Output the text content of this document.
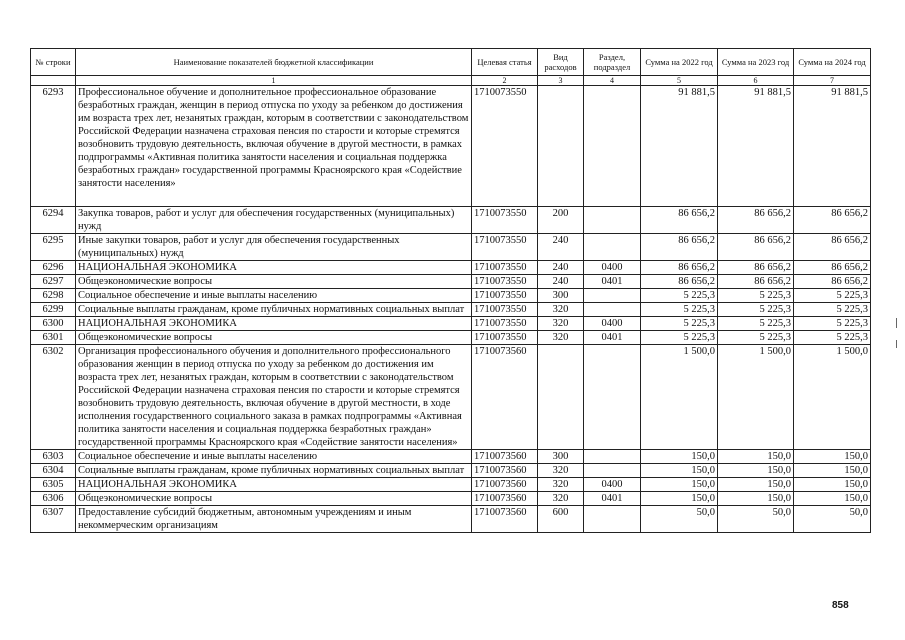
№ строки	Наименование показателей бюджетной классификации	Целевая статья	Вид расходов	Раздел, подраздел	Сумма на 2022 год	Сумма на 2023 год	Сумма на 2024 год
	1	2	3	4	5	6	7
6293	Профессиональное обучение и дополнительное профессиональное образование безработных граждан, женщин в период отпуска по уходу за ребенком до достижения им возраста трех лет, незанятых граждан, которым в соответствии с законодательством Российской Федерации назначена страховая пенсия по старости и которые стремятся возобновить трудовую деятельность, включая обучение в другой местности, в рамках подпрограммы «Активная политика занятости населения и социальная поддержка безработных граждан» государственной программы Красноярского края «Содействие занятости населения»	1710073550			91 881,5	91 881,5	91 881,5
6294	Закупка товаров, работ и услуг для обеспечения государственных (муниципальных) нужд	1710073550	200		86 656,2	86 656,2	86 656,2
6295	Иные закупки товаров, работ и услуг для обеспечения государственных (муниципальных) нужд	1710073550	240		86 656,2	86 656,2	86 656,2
6296	НАЦИОНАЛЬНАЯ ЭКОНОМИКА	1710073550	240	0400	86 656,2	86 656,2	86 656,2
6297	Общеэкономические вопросы	1710073550	240	0401	86 656,2	86 656,2	86 656,2
6298	Социальное обеспечение и иные выплаты населению	1710073550	300		5 225,3	5 225,3	5 225,3
6299	Социальные выплаты гражданам, кроме публичных нормативных социальных выплат	1710073550	320		5 225,3	5 225,3	5 225,3
6300	НАЦИОНАЛЬНАЯ ЭКОНОМИКА	1710073550	320	0400	5 225,3	5 225,3	5 225,3
6301	Общеэкономические вопросы	1710073550	320	0401	5 225,3	5 225,3	5 225,3
6302	Организация профессионального обучения и дополнительного профессионального образования женщин в период отпуска по уходу за ребенком до достижения им возраста трех лет, незанятых граждан, которым в соответствии с законодательством Российской Федерации назначена страховая пенсия по старости и которые стремятся возобновить трудовую деятельность, включая обучение в другой местности, в ходе исполнения государственного социального заказа в рамках подпрограммы «Активная политика занятости населения и социальная поддержка безработных граждан» государственной программы Красноярского края «Содействие занятости населения»	1710073560			1 500,0	1 500,0	1 500,0
6303	Социальное обеспечение и иные выплаты населению	1710073560	300		150,0	150,0	150,0
6304	Социальные выплаты гражданам, кроме публичных нормативных социальных выплат	1710073560	320		150,0	150,0	150,0
6305	НАЦИОНАЛЬНАЯ ЭКОНОМИКА	1710073560	320	0400	150,0	150,0	150,0
6306	Общеэкономические вопросы	1710073560	320	0401	150,0	150,0	150,0
6307	Предоставление субсидий бюджетным, автономным учреждениям и иным некоммерческим организациям	1710073560	600		50,0	50,0	50,0
858
